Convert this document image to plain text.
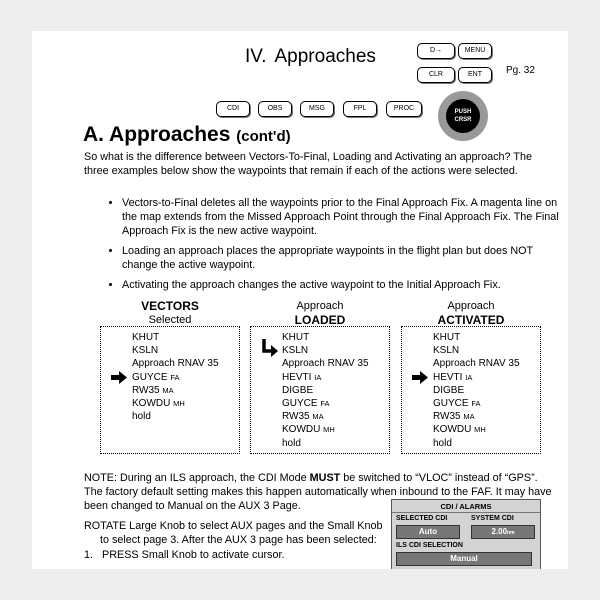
IV. Approaches	D→	MENU
CLR	ENT	Pg. 32
CDI	OBS	MSG	FPL	PROC	PUSH
CRSR
A. Approaches (cont'd)
So what is the difference between Vectors-To-Final, Loading and Activating an approach? The three examples below show the waypoints that remain if each of the actions were selected.
• Vectors-to-Final deletes all the waypoints prior to the Final Approach Fix. A magenta line on the map extends from the Missed Approach Point through the Final Approach Fix. The Final Approach Fix is the new active waypoint.
• Loading an approach places the appropriate waypoints in the flight plan but does NOT change the active waypoint.
• Activating the approach changes the active waypoint to the Initial Approach Fix.
VECTORS
Selected
KHUT
KSLN
Approach RNAV 35
GUYCE FA
RW35 MA
KOWDU MH
hold
Approach
LOADED
KHUT
KSLN
Approach RNAV 35
HEVTI IA
DIGBE
GUYCE FA
RW35 MA
KOWDU MH
hold
Approach
ACTIVATED
KHUT
KSLN
Approach RNAV 35
HEVTI IA
DIGBE
GUYCE FA
RW35 MA
KOWDU MH
hold
NOTE: During an ILS approach, the CDI Mode MUST be switched to “VLOC” instead of “GPS”. The factory default setting makes this happen automatically when inbound to the FAF. It may have been changed to Manual on the AUX 3 Page.
ROTATE Large Knob to select AUX pages and the Small Knob to select page 3. After the AUX 3 page has been selected:
1. PRESS Small Knob to activate cursor.
CDI / ALARMS
SELECTED CDI	SYSTEM CDI
Auto	2.00nm
ILS CDI SELECTION
Manual
